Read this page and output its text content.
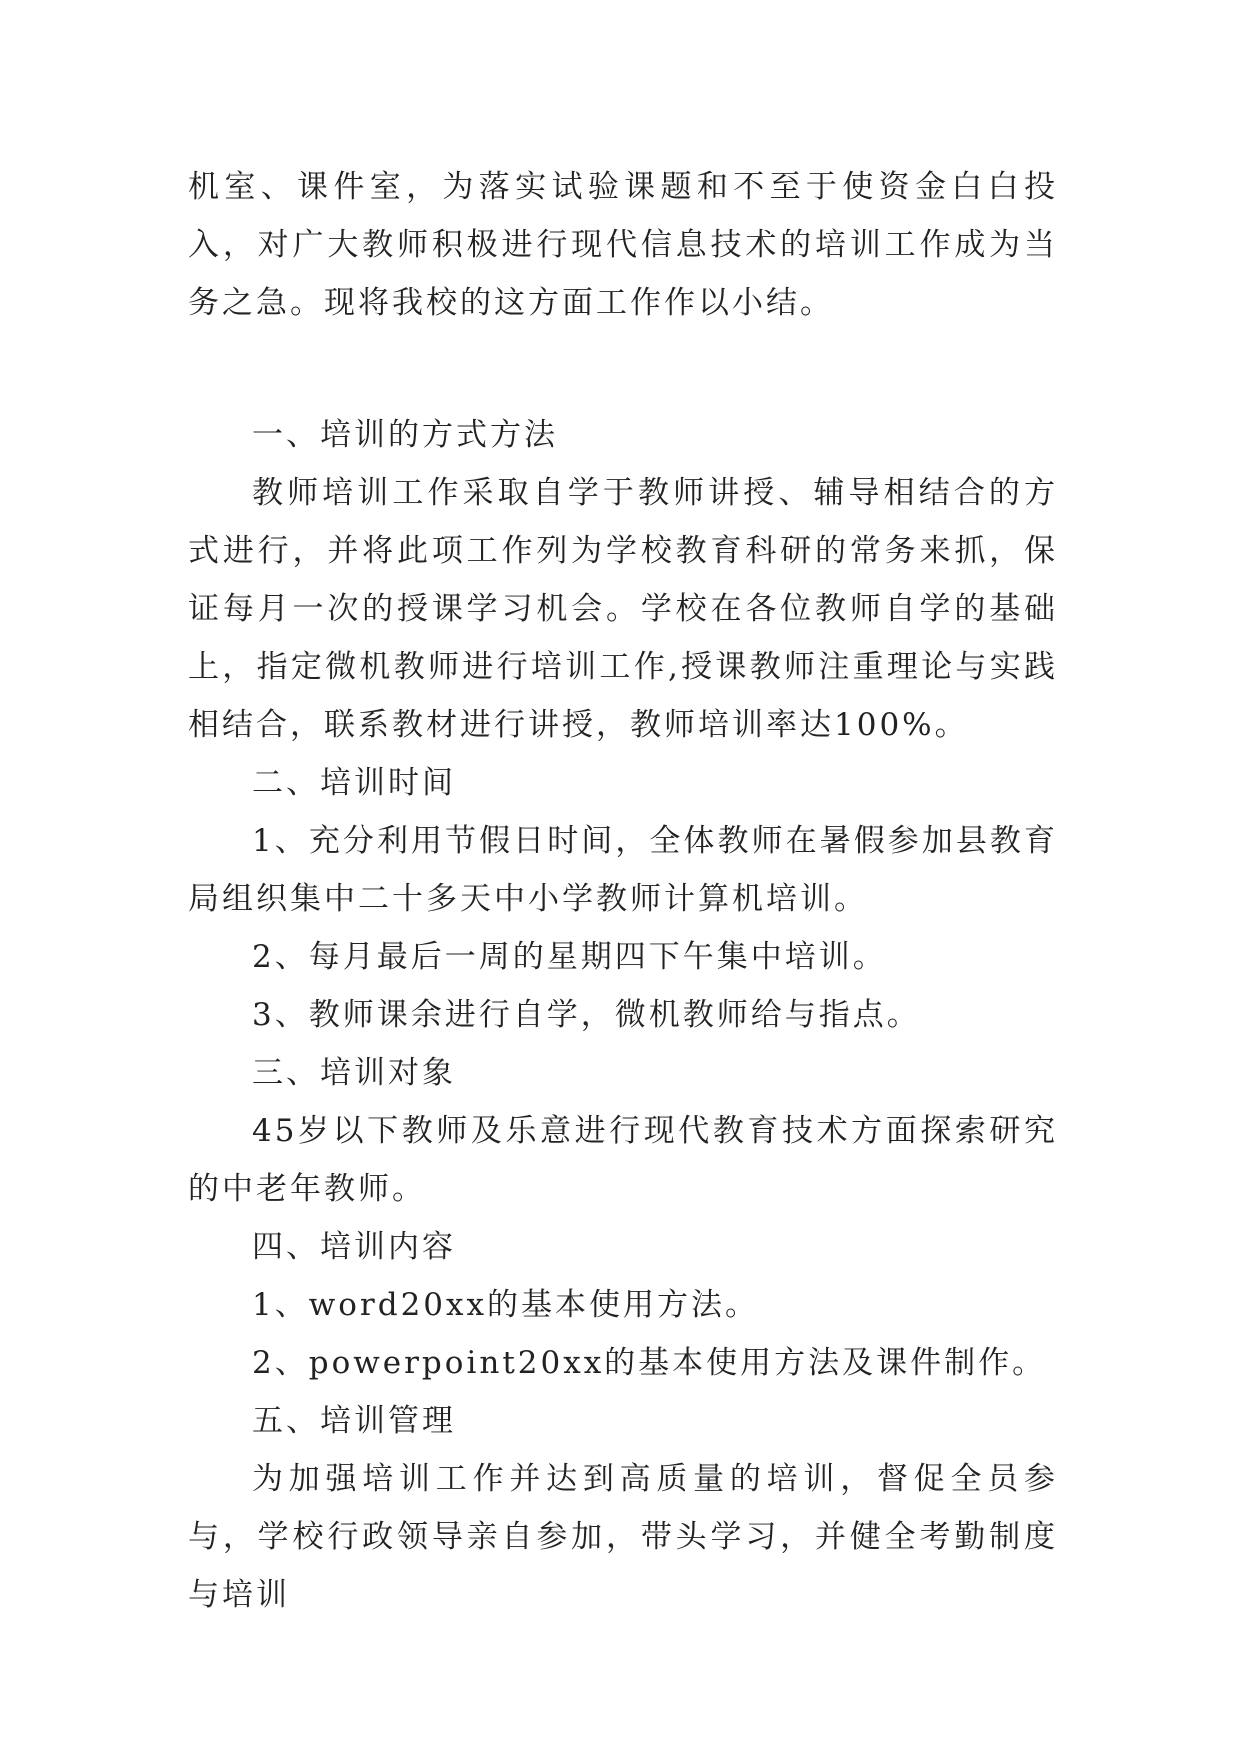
机室、课件室，为落实试验课题和不至于使资金白白投入，对广大教师积极进行现代信息技术的培训工作成为当务之急。现将我校的这方面工作作以小结。

一、培训的方式方法

教师培训工作采取自学于教师讲授、辅导相结合的方式进行，并将此项工作列为学校教育科研的常务来抓，保证每月一次的授课学习机会。学校在各位教师自学的基础上，指定微机教师进行培训工作,授课教师注重理论与实践相结合，联系教材进行讲授，教师培训率达100%。

二、培训时间

1、充分利用节假日时间，全体教师在暑假参加县教育局组织集中二十多天中小学教师计算机培训。

2、每月最后一周的星期四下午集中培训。

3、教师课余进行自学，微机教师给与指点。

三、培训对象

45岁以下教师及乐意进行现代教育技术方面探索研究的中老年教师。

四、培训内容

1、word20xx的基本使用方法。

2、powerpoint20xx的基本使用方法及课件制作。

五、培训管理

为加强培训工作并达到高质量的培训，督促全员参与，学校行政领导亲自参加，带头学习，并健全考勤制度与培训
